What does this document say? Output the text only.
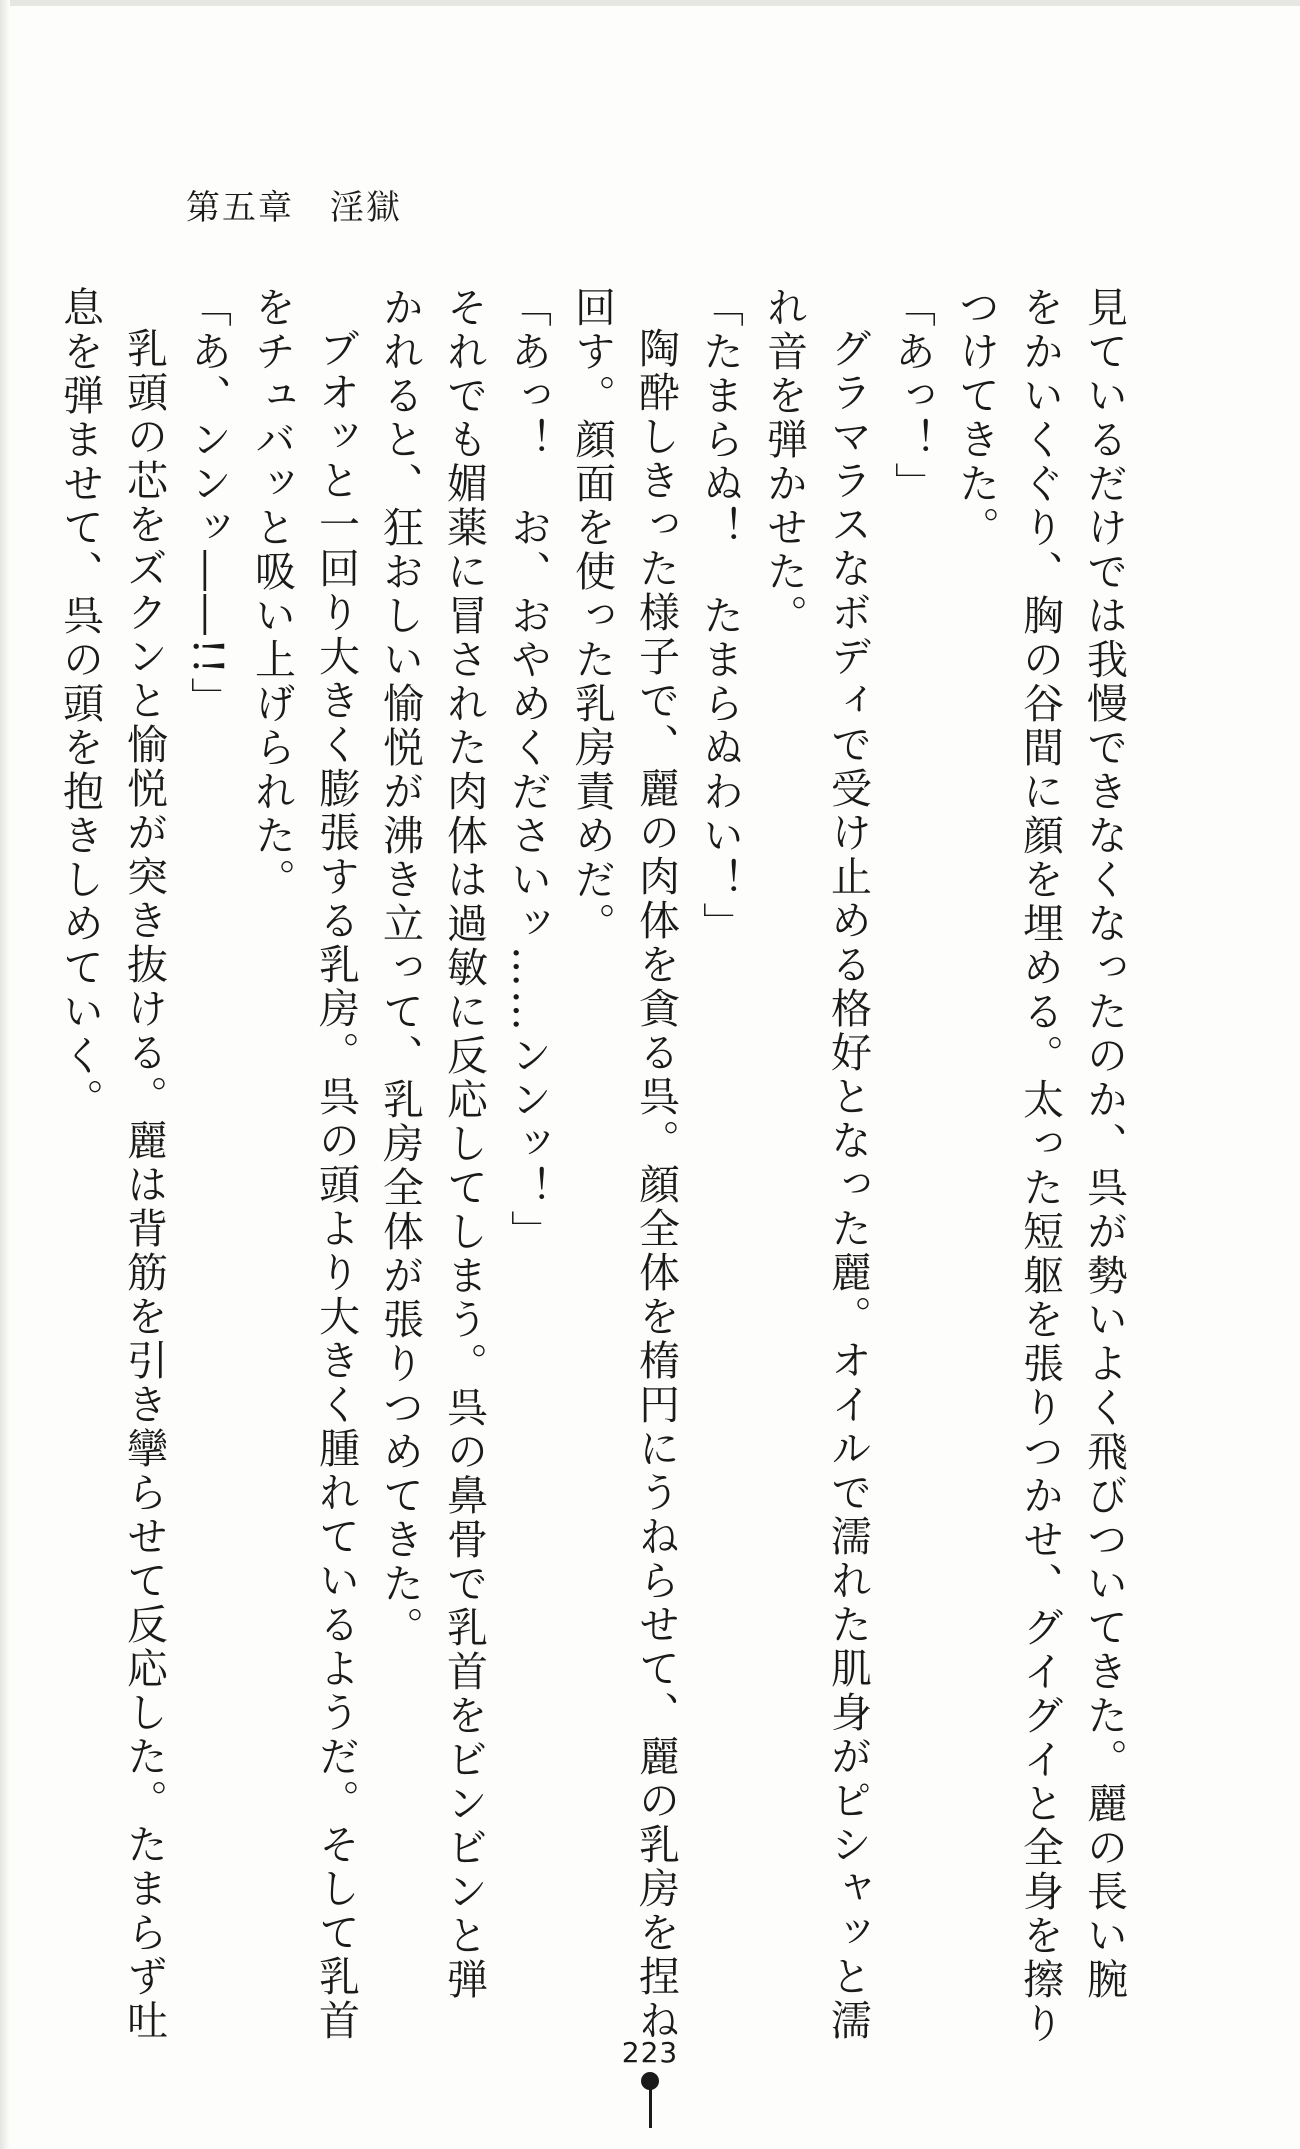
第五章　淫獄
見ているだけでは我慢できなくなったのか、呉が勢いよく飛びついてきた。麗の長い腕
をかいくぐり、胸の谷間に顔を埋める。太った短躯を張りつかせ、グイグイと全身を擦り
つけてきた。
「あっ！」
グラマラスなボディで受け止める格好となった麗。オイルで濡れた肌身がピシャッと濡
れ音を弾かせた。
「たまらぬ！　たまらぬわい！」
陶酔しきった様子で、麗の肉体を貪る呉。顔全体を楕円にうねらせて、麗の乳房を捏ね
回す。顔面を使った乳房責めだ。
「あっ！　お、おやめくださいッ……ンンッ！」
それでも媚薬に冒された肉体は過敏に反応してしまう。呉の鼻骨で乳首をビンビンと弾
かれると、狂おしい愉悦が沸き立って、乳房全体が張りつめてきた。
ブオッと一回り大きく膨張する乳房。呉の頭より大きく腫れているようだ。そして乳首
をチュバッと吸い上げられた。
「あ、ンンッ――!!」
乳頭の芯をズクンと愉悦が突き抜ける。麗は背筋を引き攣らせて反応した。たまらず吐
息を弾ませて、呉の頭を抱きしめていく。
223
